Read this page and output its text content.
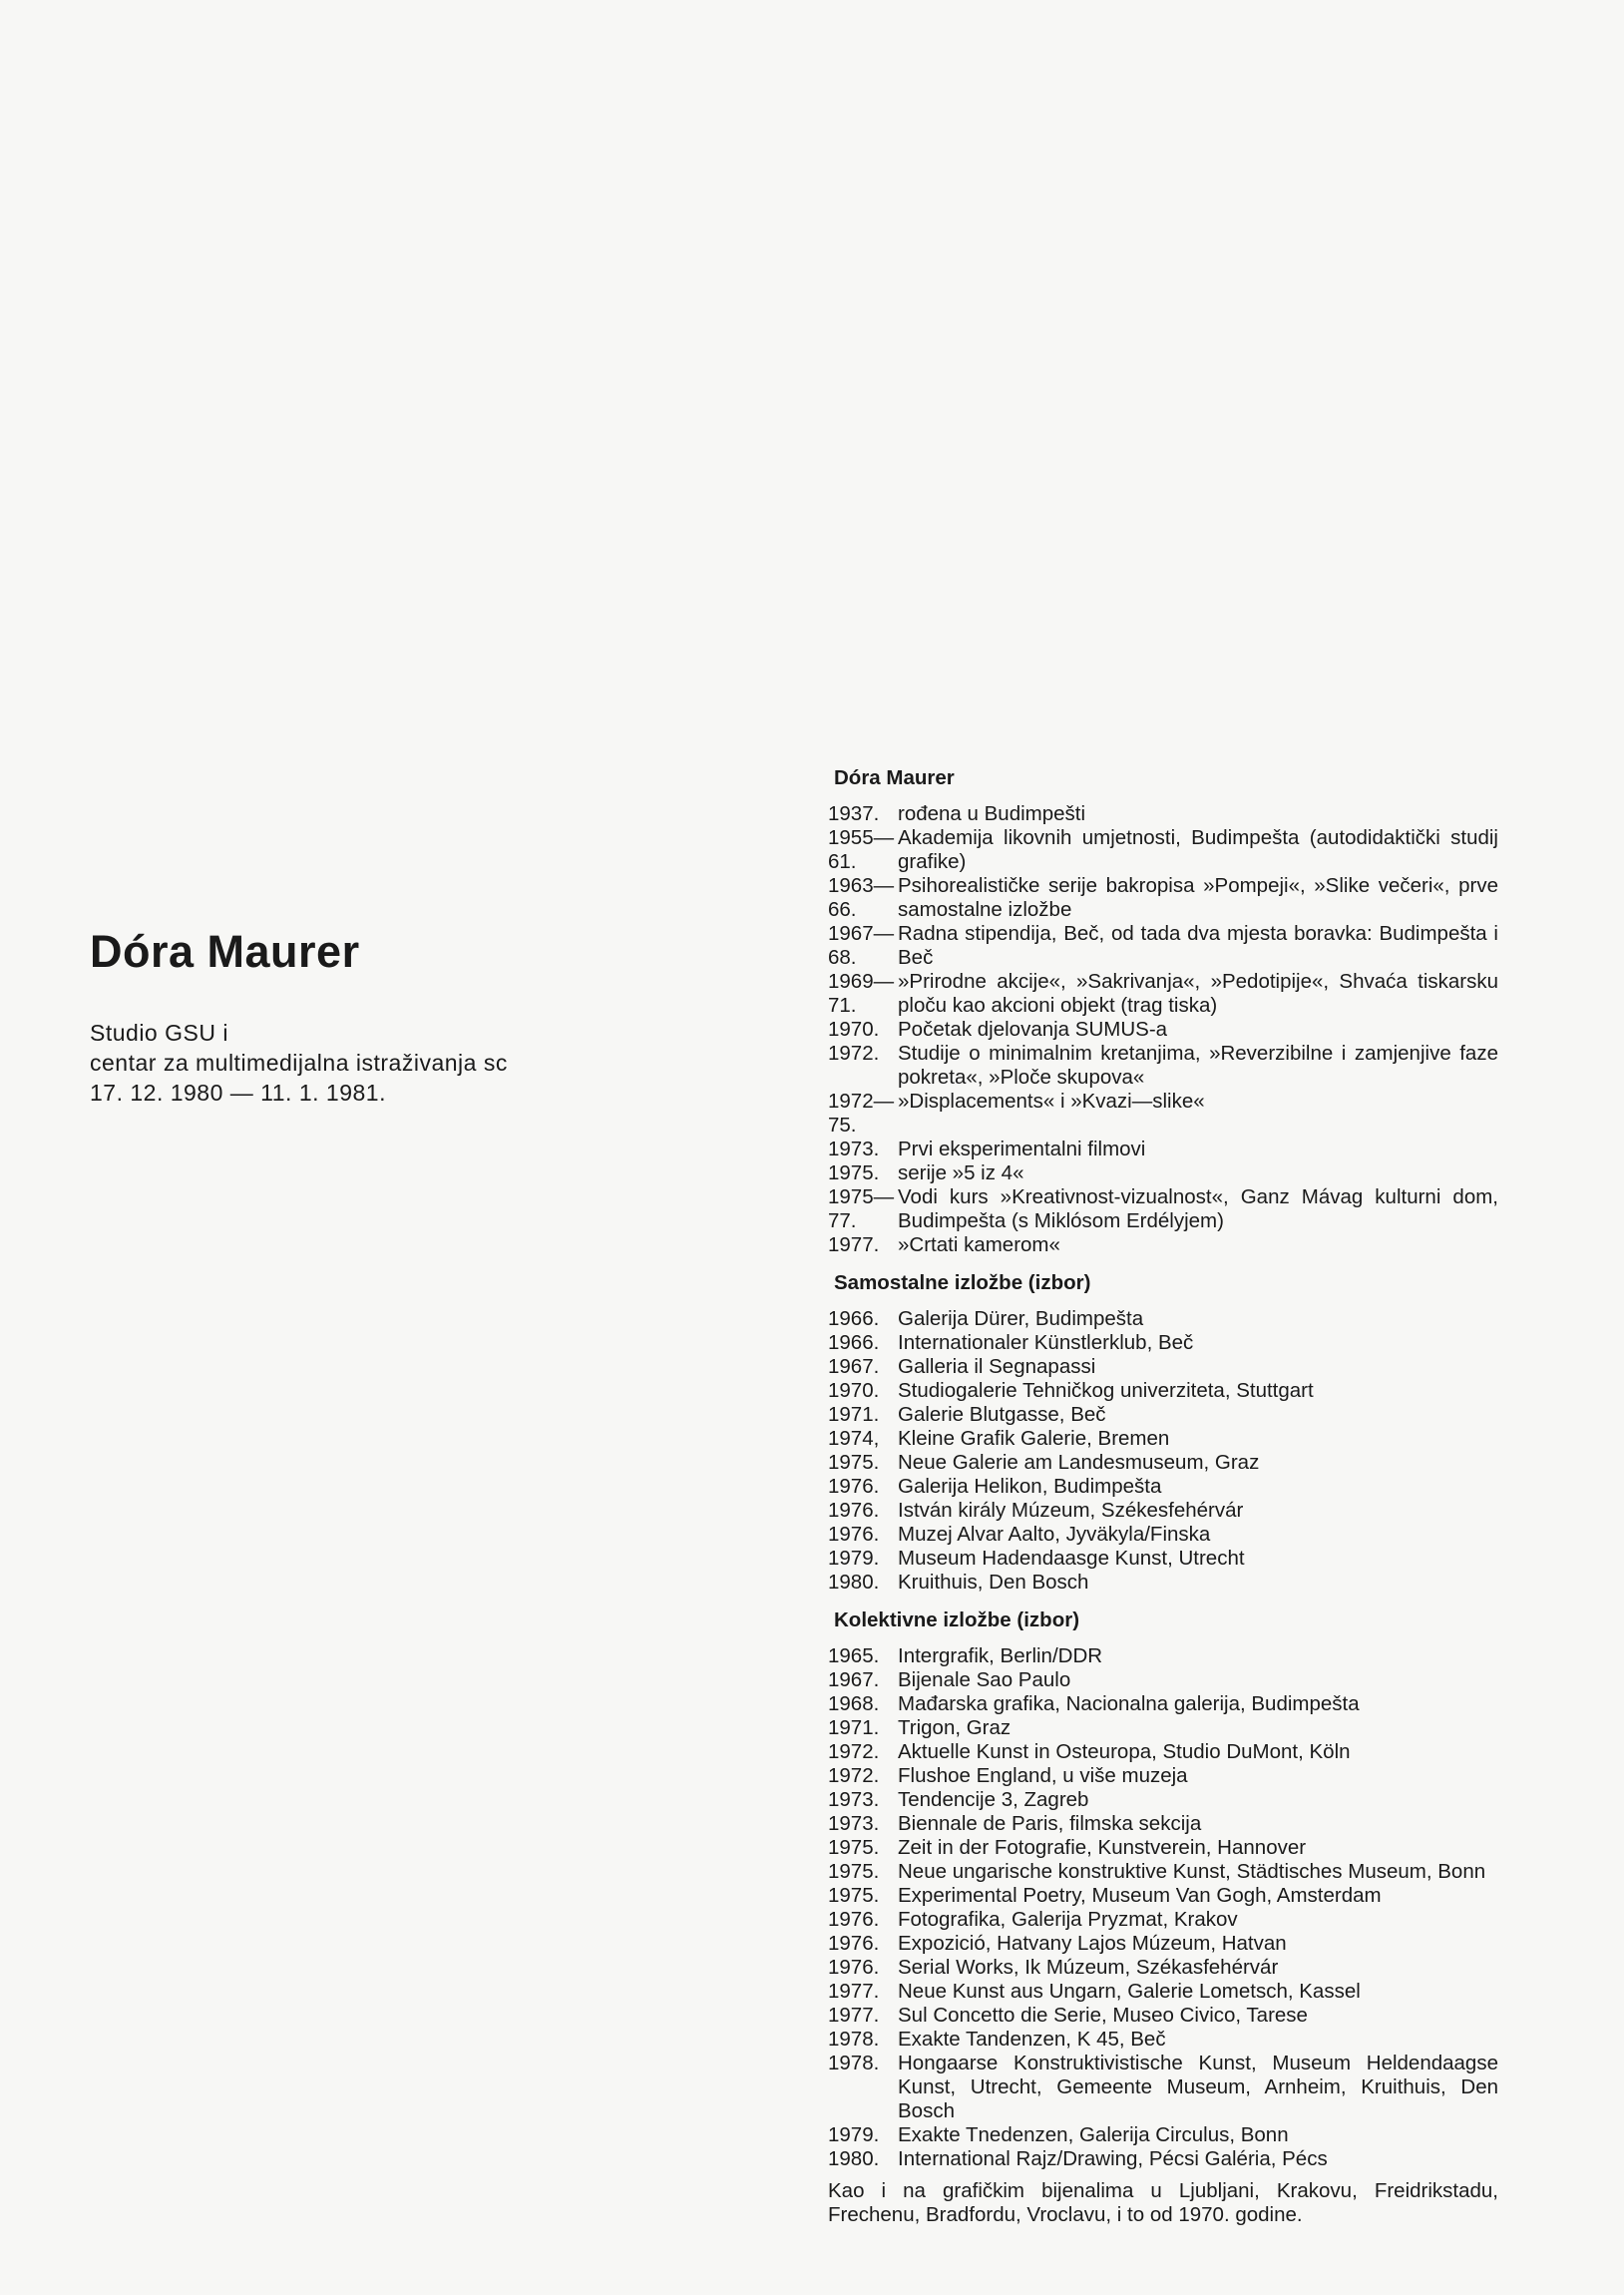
Dóra Maurer
Studio GSU i
centar za multimedijalna istraživanja sc
17. 12. 1980 — 11. 1. 1981.
Dóra Maurer
1937. rođena u Budimpešti
1955—61.
Akademija likovnih umjetnosti, Budimpešta (autodidaktički studij grafike)
1963—66.
Psihorealističke serije bakropisa »Pompeji«, »Slike večeri«, prve samostalne izložbe
1967—68.
Radna stipendija, Beč, od tada dva mjesta boravka: Budimpešta i Beč
1969—71.
»Prirodne akcije«, »Sakrivanja«, »Pedotipije«, Shvaća tiskarsku ploču kao akcioni objekt (trag tiska)
1970. Početak djelovanja SUMUS-a
1972. Studije o minimalnim kretanjima, »Reverzibilne i zamjenjive faze pokreta«, »Ploče skupova«
1972—75.
»Displacements« i »Kvazi—slike«
1973. Prvi eksperimentalni filmovi
1975. serije »5 iz 4«
1975—77.
Vodi kurs »Kreativnost-vizualnost«, Ganz Mávag kulturni dom, Budimpešta (s Miklósom Erdélyjem)
1977. »Crtati kamerom«
Samostalne izložbe (izbor)
1966. Galerija Dürer, Budimpešta
1966. Internationaler Künstlerklub, Beč
1967. Galleria il Segnapassi
1970. Studiogalerie Tehničkog univerziteta, Stuttgart
1971. Galerie Blutgasse, Beč
1974, Kleine Grafik Galerie, Bremen
1975. Neue Galerie am Landesmuseum, Graz
1976. Galerija Helikon, Budimpešta
1976. István király Múzeum, Székesfehérvár
1976. Muzej Alvar Aalto, Jyväkyla/Finska
1979. Museum Hadendaasge Kunst, Utrecht
1980. Kruithuis, Den Bosch
Kolektivne izložbe (izbor)
1965. Intergrafik, Berlin/DDR
1967. Bijenale Sao Paulo
1968. Mađarska grafika, Nacionalna galerija, Budimpešta
1971. Trigon, Graz
1972. Aktuelle Kunst in Osteuropa, Studio DuMont, Köln
1972. Flushoe England, u više muzeja
1973. Tendencije 3, Zagreb
1973. Biennale de Paris, filmska sekcija
1975. Zeit in der Fotografie, Kunstverein, Hannover
1975. Neue ungarische konstruktive Kunst, Städtisches Museum, Bonn
1975. Experimental Poetry, Museum Van Gogh, Amsterdam
1976. Fotografika, Galerija Pryzmat, Krakov
1976. Expozició, Hatvany Lajos Múzeum, Hatvan
1976. Serial Works, Ik Múzeum, Székasfehérvár
1977. Neue Kunst aus Ungarn, Galerie Lometsch, Kassel
1977. Sul Concetto die Serie, Museo Civico, Tarese
1978. Exakte Tandenzen, K 45, Beč
1978. Hongaarse Konstruktivistische Kunst, Museum Heldendaagse Kunst, Utrecht, Gemeente Museum, Arnheim, Kruithuis, Den Bosch
1979. Exakte Tnedenzen, Galerija Circulus, Bonn
1980. International Rajz/Drawing, Pécsi Galéria, Pécs
Kao i na grafičkim bijenalima u Ljubljani, Krakovu, Freidrikstadu, Frechenu, Bradfordu, Vroclavu, i to od 1970. godine.
